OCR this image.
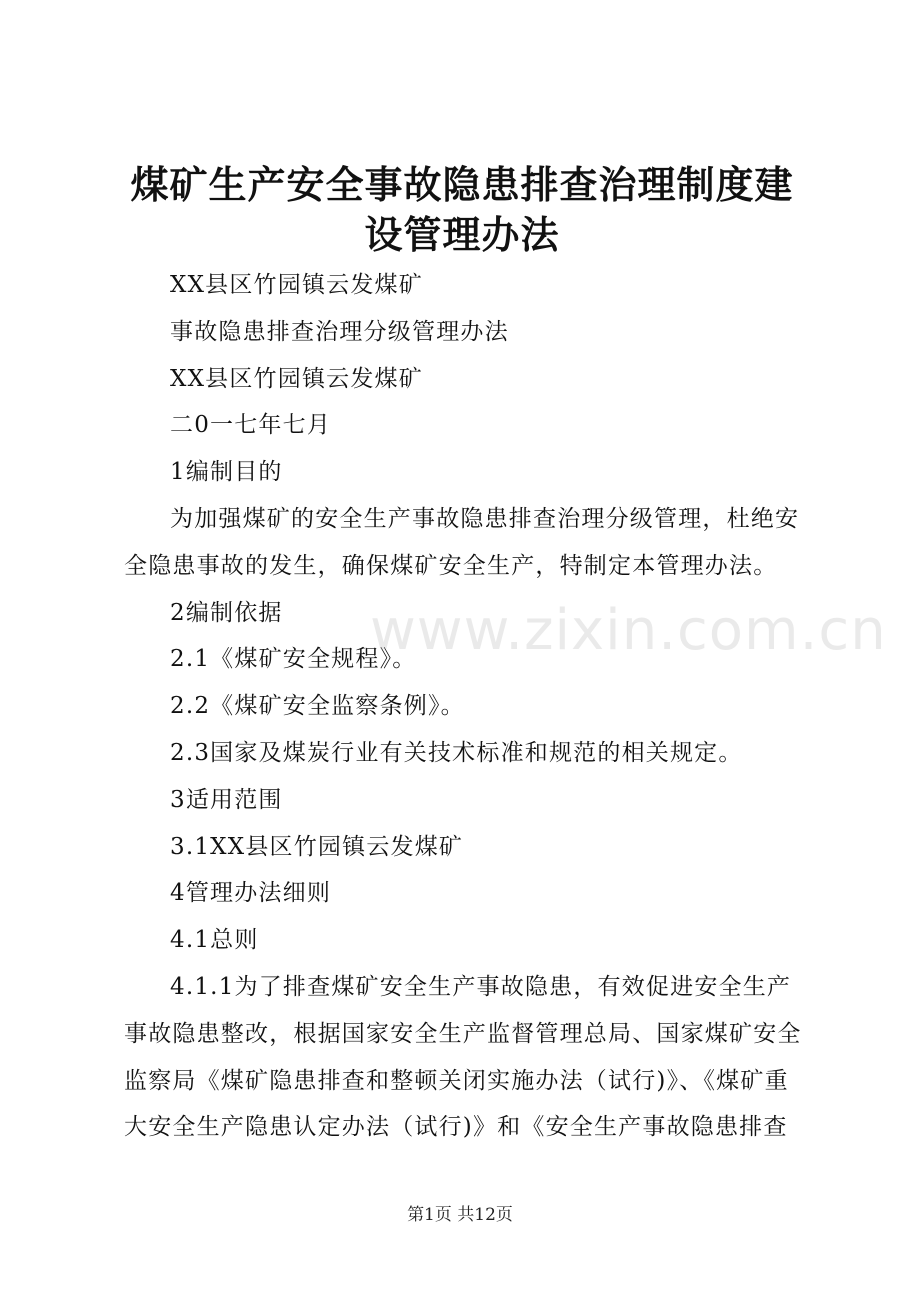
煤矿生产安全事故隐患排查治理制度建设管理办法

XX县区竹园镇云发煤矿

事故隐患排查治理分级管理办法

XX县区竹园镇云发煤矿

二0一七年七月

1编制目的

为加强煤矿的安全生产事故隐患排查治理分级管理，杜绝安全隐患事故的发生，确保煤矿安全生产，特制定本管理办法。

2编制依据

2.1《煤矿安全规程》。

2.2《煤矿安全监察条例》。

2.3国家及煤炭行业有关技术标准和规范的相关规定。

3适用范围

3.1XX县区竹园镇云发煤矿

4管理办法细则

4.1总则

4.1.1为了排查煤矿安全生产事故隐患，有效促进安全生产事故隐患整改，根据国家安全生产监督管理总局、国家煤矿安全监察局《煤矿隐患排查和整顿关闭实施办法（试行)》、《煤矿重大安全生产隐患认定办法（试行)》和《安全生产事故隐患排查

www.zixin.com.cn
第1页 共12页
